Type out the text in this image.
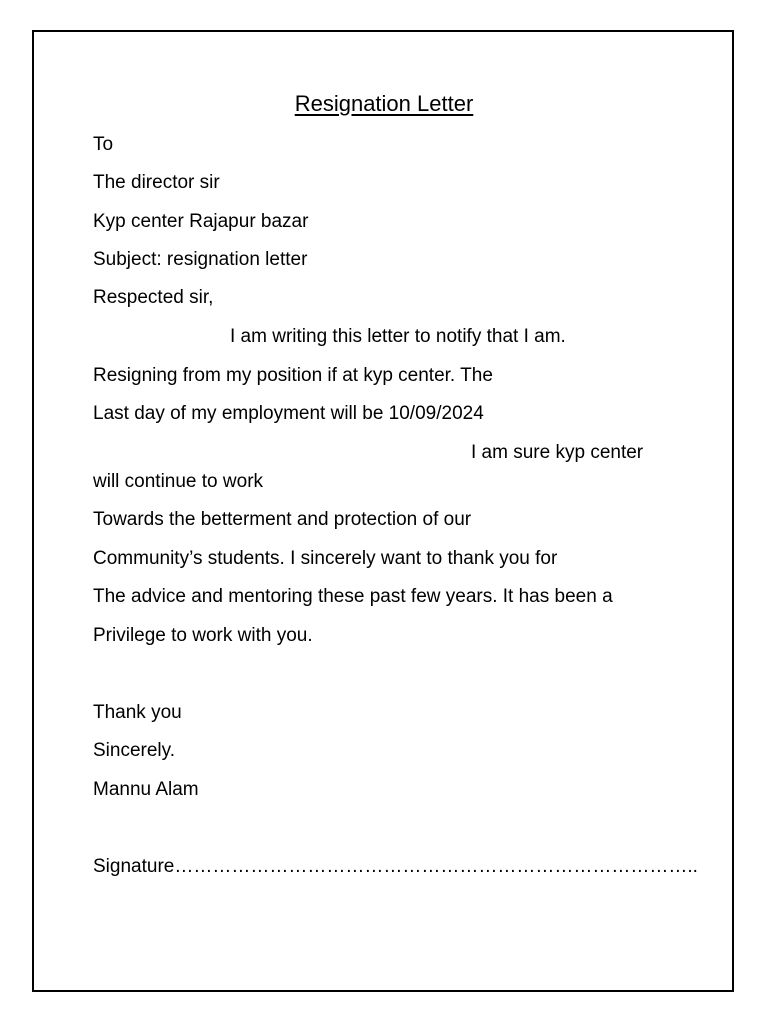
Resignation Letter
To
The director sir
Kyp center Rajapur bazar
Subject: resignation letter
Respected sir,
I am writing this letter to notify that I am.
Resigning from my position if at kyp center. The
Last day of my employment will be 10/09/2024
I am sure kyp center
will continue to work
Towards the betterment and protection of our
Community’s students. I sincerely want to thank you for
The advice and mentoring these past few years. It has been a
Privilege to work with you.
Thank you
Sincerely.
Mannu Alam
Signature………………………………………………………………………..
